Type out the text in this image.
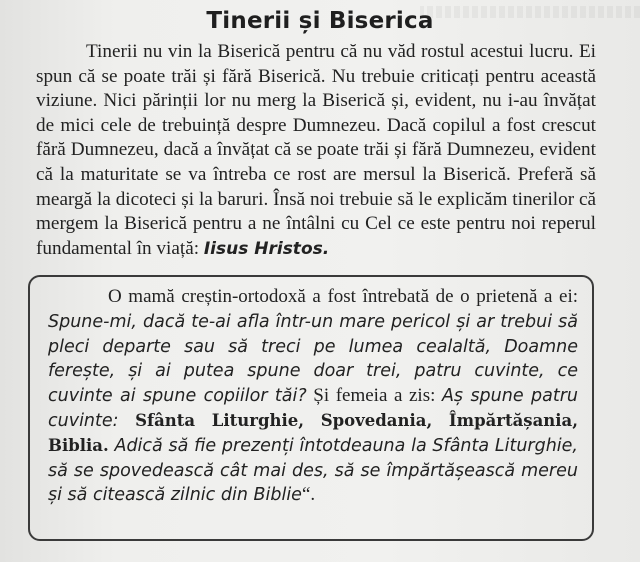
Tinerii și Biserica

Tinerii nu vin la Biserică pentru că nu văd rostul acestui lucru. Ei spun că se poate trăi și fără Biserică. Nu trebuie criticați pentru această viziune. Nici părinții lor nu merg la Biserică și, evident, nu i-au învățat de mici cele de trebuință despre Dumnezeu. Dacă copilul a fost crescut fără Dumnezeu, dacă a învățat că se poate trăi și fără Dumnezeu, evident că la maturitate se va întreba ce rost are mersul la Biserică. Preferă să meargă la dicoteci și la baruri. Însă noi trebuie să le explicăm tinerilor că mergem la Biserică pentru a ne întâlni cu Cel ce este pentru noi reperul fundamental în viață: Iisus Hristos.

O mamă creștin-ortodoxă a fost întrebată de o prietenă a ei: Spune-mi, dacă te-ai afla într-un mare pericol și ar trebui să pleci departe sau să treci pe lumea cealaltă, Doamne ferește, și ai putea spune doar trei, patru cuvinte, ce cuvinte ai spune copiilor tăi? Și femeia a zis: Aș spune patru cuvinte: Sfânta Liturghie, Spovedania, Împărtășania, Biblia. Adică să fie prezenți întotdeauna la Sfânta Liturghie, să se spovedească cât mai des, să se împărtășească mereu și să citească zilnic din Biblie“.
